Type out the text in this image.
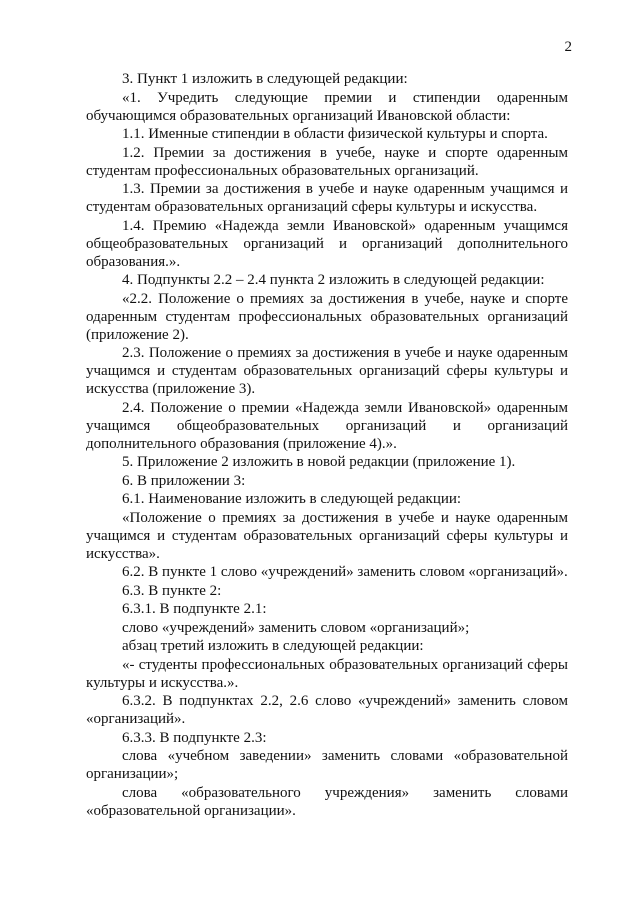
2

3. Пункт 1 изложить в следующей редакции:

«1. Учредить следующие премии и стипендии одаренным обучающимся образовательных организаций Ивановской области:

1.1. Именные стипендии в области физической культуры и спорта.

1.2. Премии за достижения в учебе, науке и спорте одаренным студентам профессиональных образовательных организаций.

1.3. Премии за достижения в учебе и науке одаренным учащимся и студентам образовательных организаций сферы культуры и искусства.

1.4. Премию «Надежда земли Ивановской» одаренным учащимся общеобразовательных организаций и организаций дополнительного образования.».

4. Подпункты 2.2 – 2.4 пункта 2 изложить в следующей редакции:

«2.2. Положение о премиях за достижения в учебе, науке и спорте одаренным студентам профессиональных образовательных организаций (приложение 2).

2.3. Положение о премиях за достижения в учебе и науке одаренным учащимся и студентам образовательных организаций сферы культуры и искусства (приложение 3).

2.4. Положение о премии «Надежда земли Ивановской» одаренным учащимся общеобразовательных организаций и организаций дополнительного образования (приложение 4).».

5. Приложение 2 изложить в новой редакции (приложение 1).

6. В приложении 3:

6.1. Наименование изложить в следующей редакции:

«Положение о премиях за достижения в учебе и науке одаренным учащимся и студентам образовательных организаций сферы культуры и искусства».

6.2. В пункте 1 слово «учреждений» заменить словом «организаций».

6.3. В пункте 2:

6.3.1. В подпункте 2.1:

слово «учреждений» заменить словом «организаций»;

абзац третий изложить в следующей редакции:

«- студенты профессиональных образовательных организаций сферы культуры и искусства.».

6.3.2. В подпунктах 2.2, 2.6 слово «учреждений» заменить словом «организаций».

6.3.3. В подпункте 2.3:

слова «учебном заведении» заменить словами «образовательной организации»;

слова «образовательного учреждения» заменить словами «образовательной организации».
